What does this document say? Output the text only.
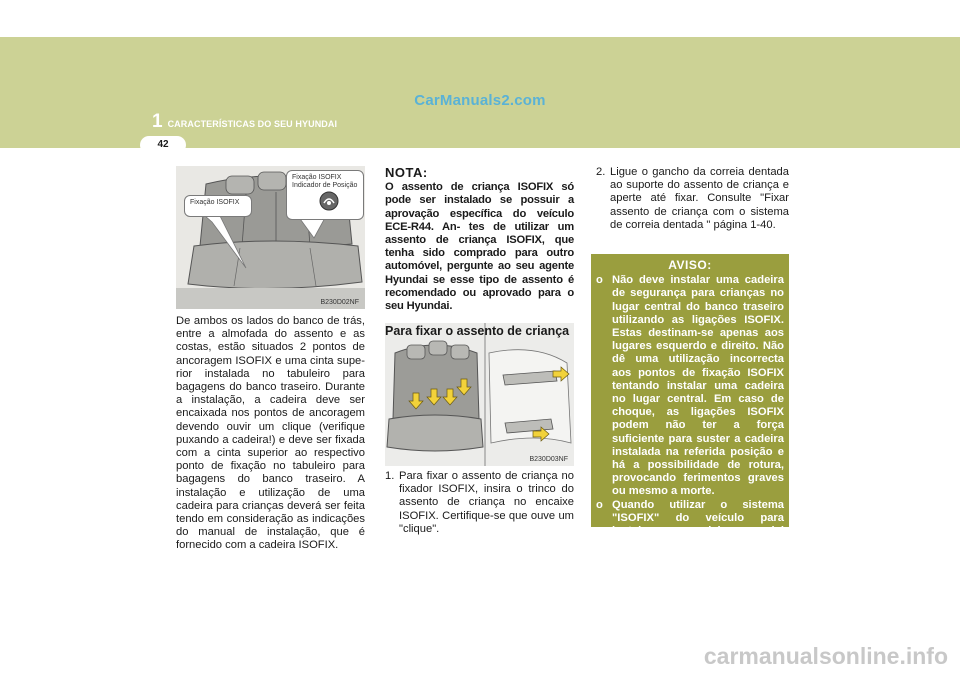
CarManuals2.com
1 CARACTERÍSTICAS DO SEU HYUNDAI
42
Fixação ISOFIX
Fixação ISOFIX
Indicador de Posição
B230D02NF
B230D03NF

De ambos os lados do banco de trás, entre a almofada do assento e as costas, estão situados 2 pontos de ancoragem ISOFIX e uma cinta supe- rior instalada no tabuleiro para bagagens do banco traseiro. Durante a instalação, a cadeira deve ser encaixada nos pontos de ancoragem devendo ouvir um clique (verifique puxando a cadeira!) e deve ser fixada com a cinta superior ao respectivo ponto de fixação no tabuleiro para bagagens do banco traseiro. A instalação e utilização de uma cadeira para crianças deverá ser feita tendo em consideração as indicações do manual de instalação, que é fornecido com a cadeira ISOFIX.

NOTA:

O assento de criança ISOFIX só pode ser instalado se possuir a aprovação específica do veículo ECE-R44. An- tes de utilizar um assento de criança ISOFIX, que tenha sido comprado para outro automóvel, pergunte ao seu agente Hyundai se esse tipo de assento é recomendado ou aprovado para o seu Hyundai.

Para fixar o assento de criança
1. Para fixar o assento de criança no fixador ISOFIX, insira o trinco do assento de criança no encaixe ISOFIX. Certifique-se que ouve um "clique".
2. Ligue o gancho da correia dentada ao suporte do assento de criança e aperte até fixar. Consulte "Fixar assento de criança com o sistema de correia dentada " página 1-40.
AVISO:
o Não deve instalar uma cadeira de segurança para crianças no lugar central do banco traseiro utilizando as ligações ISOFIX. Estas destinam-se apenas aos lugares esquerdo e direito. Não dê uma utilização incorrecta aos pontos de fixação ISOFIX tentando instalar uma cadeira no lugar central. Em caso de choque, as ligações ISOFIX podem não ter a força suficiente para suster a cadeira instalada na referida posição e há a possibilidade de rotura, provocando ferimentos graves ou mesmo a morte.
o Quando utilizar o sistema "ISOFIX" do veículo para instalar uma cadeira especial para crianças no banco de trás,
carmanualsonline.info
